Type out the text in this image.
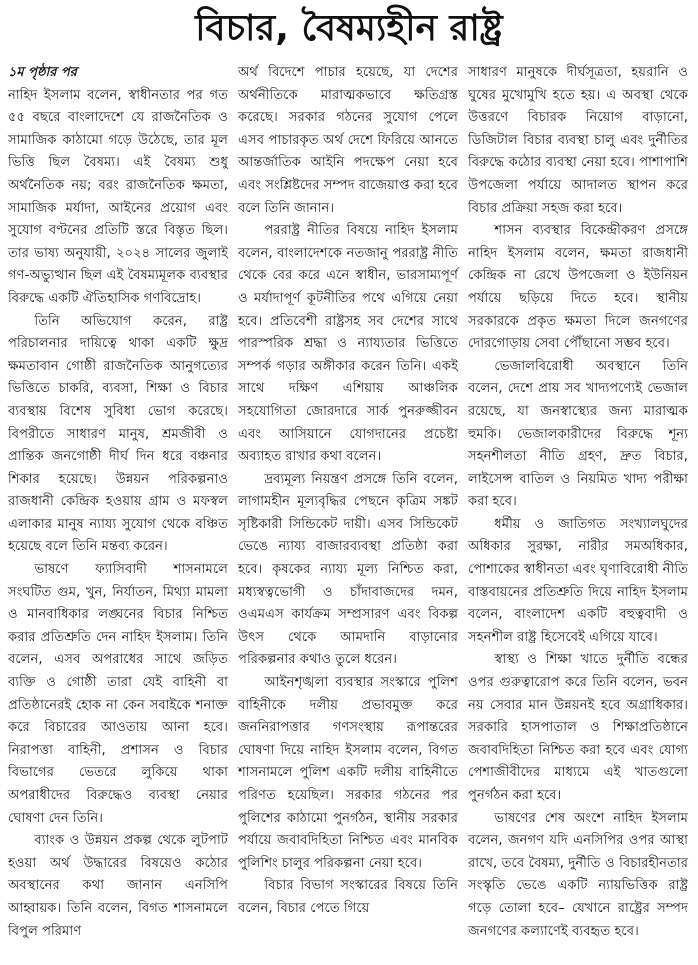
বিচার, বৈষম্যহীন রাষ্ট্র
১ম পৃষ্ঠার পর

নাহিদ ইসলাম বলেন, স্বাধীনতার পর গত ৫৫ বছরে বাংলাদেশে যে রাজনৈতিক ও সামাজিক কাঠামো গড়ে উঠেছে, তার মূল ভিত্তি ছিল বৈষম্য। এই বৈষম্য শুধু অর্থনৈতিক নয়; বরং রাজনৈতিক ক্ষমতা, সামাজিক মর্যাদা, আইনের প্রয়োগ এবং সুযোগ বণ্টনের প্রতিটি স্তরে বিস্তৃত ছিল। তার ভাষ্য অনুযায়ী, ২০২৪ সালের জুলাই গণ-অভ্যুত্থান ছিল এই বৈষম্যমূলক ব্যবস্থার বিরুদ্ধে একটি ঐতিহাসিক গণবিদ্রোহ।

তিনি অভিযোগ করেন, রাষ্ট্র পরিচালনার দায়িত্বে থাকা একটি ক্ষুদ্র ক্ষমতাবান গোষ্ঠী রাজনৈতিক আনুগত্যের ভিত্তিতে চাকরি, ব্যবসা, শিক্ষা ও বিচার ব্যবস্থায় বিশেষ সুবিধা ভোগ করেছে। বিপরীতে সাধারণ মানুষ, শ্রমজীবী ও প্রান্তিক জনগোষ্ঠী দীর্ঘ দিন ধরে বঞ্চনার শিকার হয়েছে। উন্নয়ন পরিকল্পনাও রাজধানী কেন্দ্রিক হওয়ায় গ্রাম ও মফস্বল এলাকার মানুষ ন্যায্য সুযোগ থেকে বঞ্চিত হয়েছে বলে তিনি মন্তব্য করেন।

ভাষণে ফ্যাসিবাদী শাসনামলে সংঘটিত গুম, খুন, নির্যাতন, মিথ্যা মামলা ও মানবাধিকার লঙ্ঘনের বিচার নিশ্চিত করার প্রতিশ্রুতি দেন নাহিদ ইসলাম। তিনি বলেন, এসব অপরাধের সাথে জড়িত ব্যক্তি ও গোষ্ঠী তারা যেই বাহিনী বা প্রতিষ্ঠানেরই হোক না কেন সবাইকে শনাক্ত করে বিচারের আওতায় আনা হবে। নিরাপত্তা বাহিনী, প্রশাসন ও বিচার বিভাগের ভেতরে লুকিয়ে থাকা অপরাধীদের বিরুদ্ধেও ব্যবস্থা নেয়ার ঘোষণা দেন তিনি।

ব্যাংক ও উন্নয়ন প্রকল্প থেকে লুটপাট হওয়া অর্থ উদ্ধারের বিষয়েও কঠোর অবস্থানের কথা জানান এনসিপি আহ্বায়ক। তিনি বলেন, বিগত শাসনামলে বিপুল পরিমাণ

অর্থ বিদেশে পাচার হয়েছে, যা দেশের অর্থনীতিকে মারাত্মকভাবে ক্ষতিগ্রস্ত করেছে। সরকার গঠনের সুযোগ পেলে এসব পাচারকৃত অর্থ দেশে ফিরিয়ে আনতে আন্তর্জাতিক আইনি পদক্ষেপ নেয়া হবে এবং সংশ্লিষ্টদের সম্পদ বাজেয়াপ্ত করা হবে বলে তিনি জানান।

পররাষ্ট্র নীতির বিষয়ে নাহিদ ইসলাম বলেন, বাংলাদেশকে নতজানু পররাষ্ট্র নীতি থেকে বের করে এনে স্বাধীন, ভারসাম্যপূর্ণ ও মর্যাদাপূর্ণ কূটনীতির পথে এগিয়ে নেয়া হবে। প্রতিবেশী রাষ্ট্রসহ সব দেশের সাথে পারস্পরিক শ্রদ্ধা ও ন্যায্যতার ভিত্তিতে সম্পর্ক গড়ার অঙ্গীকার করেন তিনি। একই সাথে দক্ষিণ এশিয়ায় আঞ্চলিক সহযোগিতা জোরদারে সার্ক পুনরুজ্জীবন এবং আসিয়ানে যোগদানের প্রচেষ্টা অব্যাহত রাখার কথা বলেন।

দ্রব্যমূল্য নিয়ন্ত্রণ প্রসঙ্গে তিনি বলেন, লাগামহীন মূল্যবৃদ্ধির পেছনে কৃত্রিম সঙ্কট সৃষ্টিকারী সিন্ডিকেট দায়ী। এসব সিন্ডিকেট ভেঙে ন্যায্য বাজারব্যবস্থা প্রতিষ্ঠা করা হবে। কৃষকের ন্যায্য মূল্য নিশ্চিত করা, মধ্যস্বত্বভোগী ও চাঁদাবাজদের দমন, ওএমএস কার্যক্রম সম্প্রসারণ এবং বিকল্প উৎস থেকে আমদানি বাড়ানোর পরিকল্পনার কথাও তুলে ধরেন।

আইনশৃঙ্খলা ব্যবস্থার সংস্কারে পুলিশ বাহিনীকে দলীয় প্রভাবমুক্ত করে জননিরাপত্তার গণসংস্থায় রূপান্তরের ঘোষণা দিয়ে নাহিদ ইসলাম বলেন, বিগত শাসনামলে পুলিশ একটি দলীয় বাহিনীতে পরিণত হয়েছিল। সরকার গঠনের পর পুলিশের কাঠামো পুনর্গঠন, স্থানীয় সরকার পর্যায়ে জবাবদিহিতা নিশ্চিত এবং মানবিক পুলিশিং চালুর পরিকল্পনা নেয়া হবে।

বিচার বিভাগ সংস্কারের বিষয়ে তিনি বলেন, বিচার পেতে গিয়ে

সাধারণ মানুষকে দীর্ঘসূত্রতা, হয়রানি ও ঘুষের মুখোমুখি হতে হয়। এ অবস্থা থেকে উত্তরণে বিচারক নিয়োগ বাড়ানো, ডিজিটাল বিচার ব্যবস্থা চালু এবং দুর্নীতির বিরুদ্ধে কঠোর ব্যবস্থা নেয়া হবে। পাশাপাশি উপজেলা পর্যায়ে আদালত স্থাপন করে বিচার প্রক্রিয়া সহজ করা হবে।

শাসন ব্যবস্থার বিকেন্দ্রীকরণ প্রসঙ্গে নাহিদ ইসলাম বলেন, ক্ষমতা রাজধানী কেন্দ্রিক না রেখে উপজেলা ও ইউনিয়ন পর্যায়ে ছড়িয়ে দিতে হবে। স্থানীয় সরকারকে প্রকৃত ক্ষমতা দিলে জনগণের দোরগোড়ায় সেবা পৌঁছানো সম্ভব হবে।

ভেজালবিরোধী অবস্থানে তিনি বলেন, দেশে প্রায় সব খাদ্যপণ্যেই ভেজাল রয়েছে, যা জনস্বাস্থ্যের জন্য মারাত্মক হুমকি। ভেজালকারীদের বিরুদ্ধে শূন্য সহনশীলতা নীতি গ্রহণ, দ্রুত বিচার, লাইসেন্স বাতিল ও নিয়মিত খাদ্য পরীক্ষা করা হবে।

ধর্মীয় ও জাতিগত সংখ্যালঘুদের অধিকার সুরক্ষা, নারীর সমঅধিকার, পোশাকের স্বাধীনতা এবং ঘৃণাবিরোধী নীতি বাস্তবায়নের প্রতিশ্রুতি দিয়ে নাহিদ ইসলাম বলেন, বাংলাদেশ একটি বহুত্ববাদী ও সহনশীল রাষ্ট্র হিসেবেই এগিয়ে যাবে।

স্বাস্থ্য ও শিক্ষা খাতে দুর্নীতি বন্ধের ওপর গুরুত্বারোপ করে তিনি বলেন, ভবন নয় সেবার মান উন্নয়নই হবে অগ্রাধিকার। সরকারি হাসপাতাল ও শিক্ষাপ্রতিষ্ঠানে জবাবদিহিতা নিশ্চিত করা হবে এবং যোগ্য পেশাজীবীদের মাধ্যমে এই খাতগুলো পুনর্গঠন করা হবে।

ভাষণের শেষ অংশে নাহিদ ইসলাম বলেন, জনগণ যদি এনসিপির ওপর আস্থা রাখে, তবে বৈষম্য, দুর্নীতি ও বিচারহীনতার সংস্কৃতি ভেঙে একটি ন্যায়ভিত্তিক রাষ্ট্র গড়ে তোলা হবে– যেখানে রাষ্ট্রের সম্পদ জনগণের কল্যাণেই ব্যবহৃত হবে।
